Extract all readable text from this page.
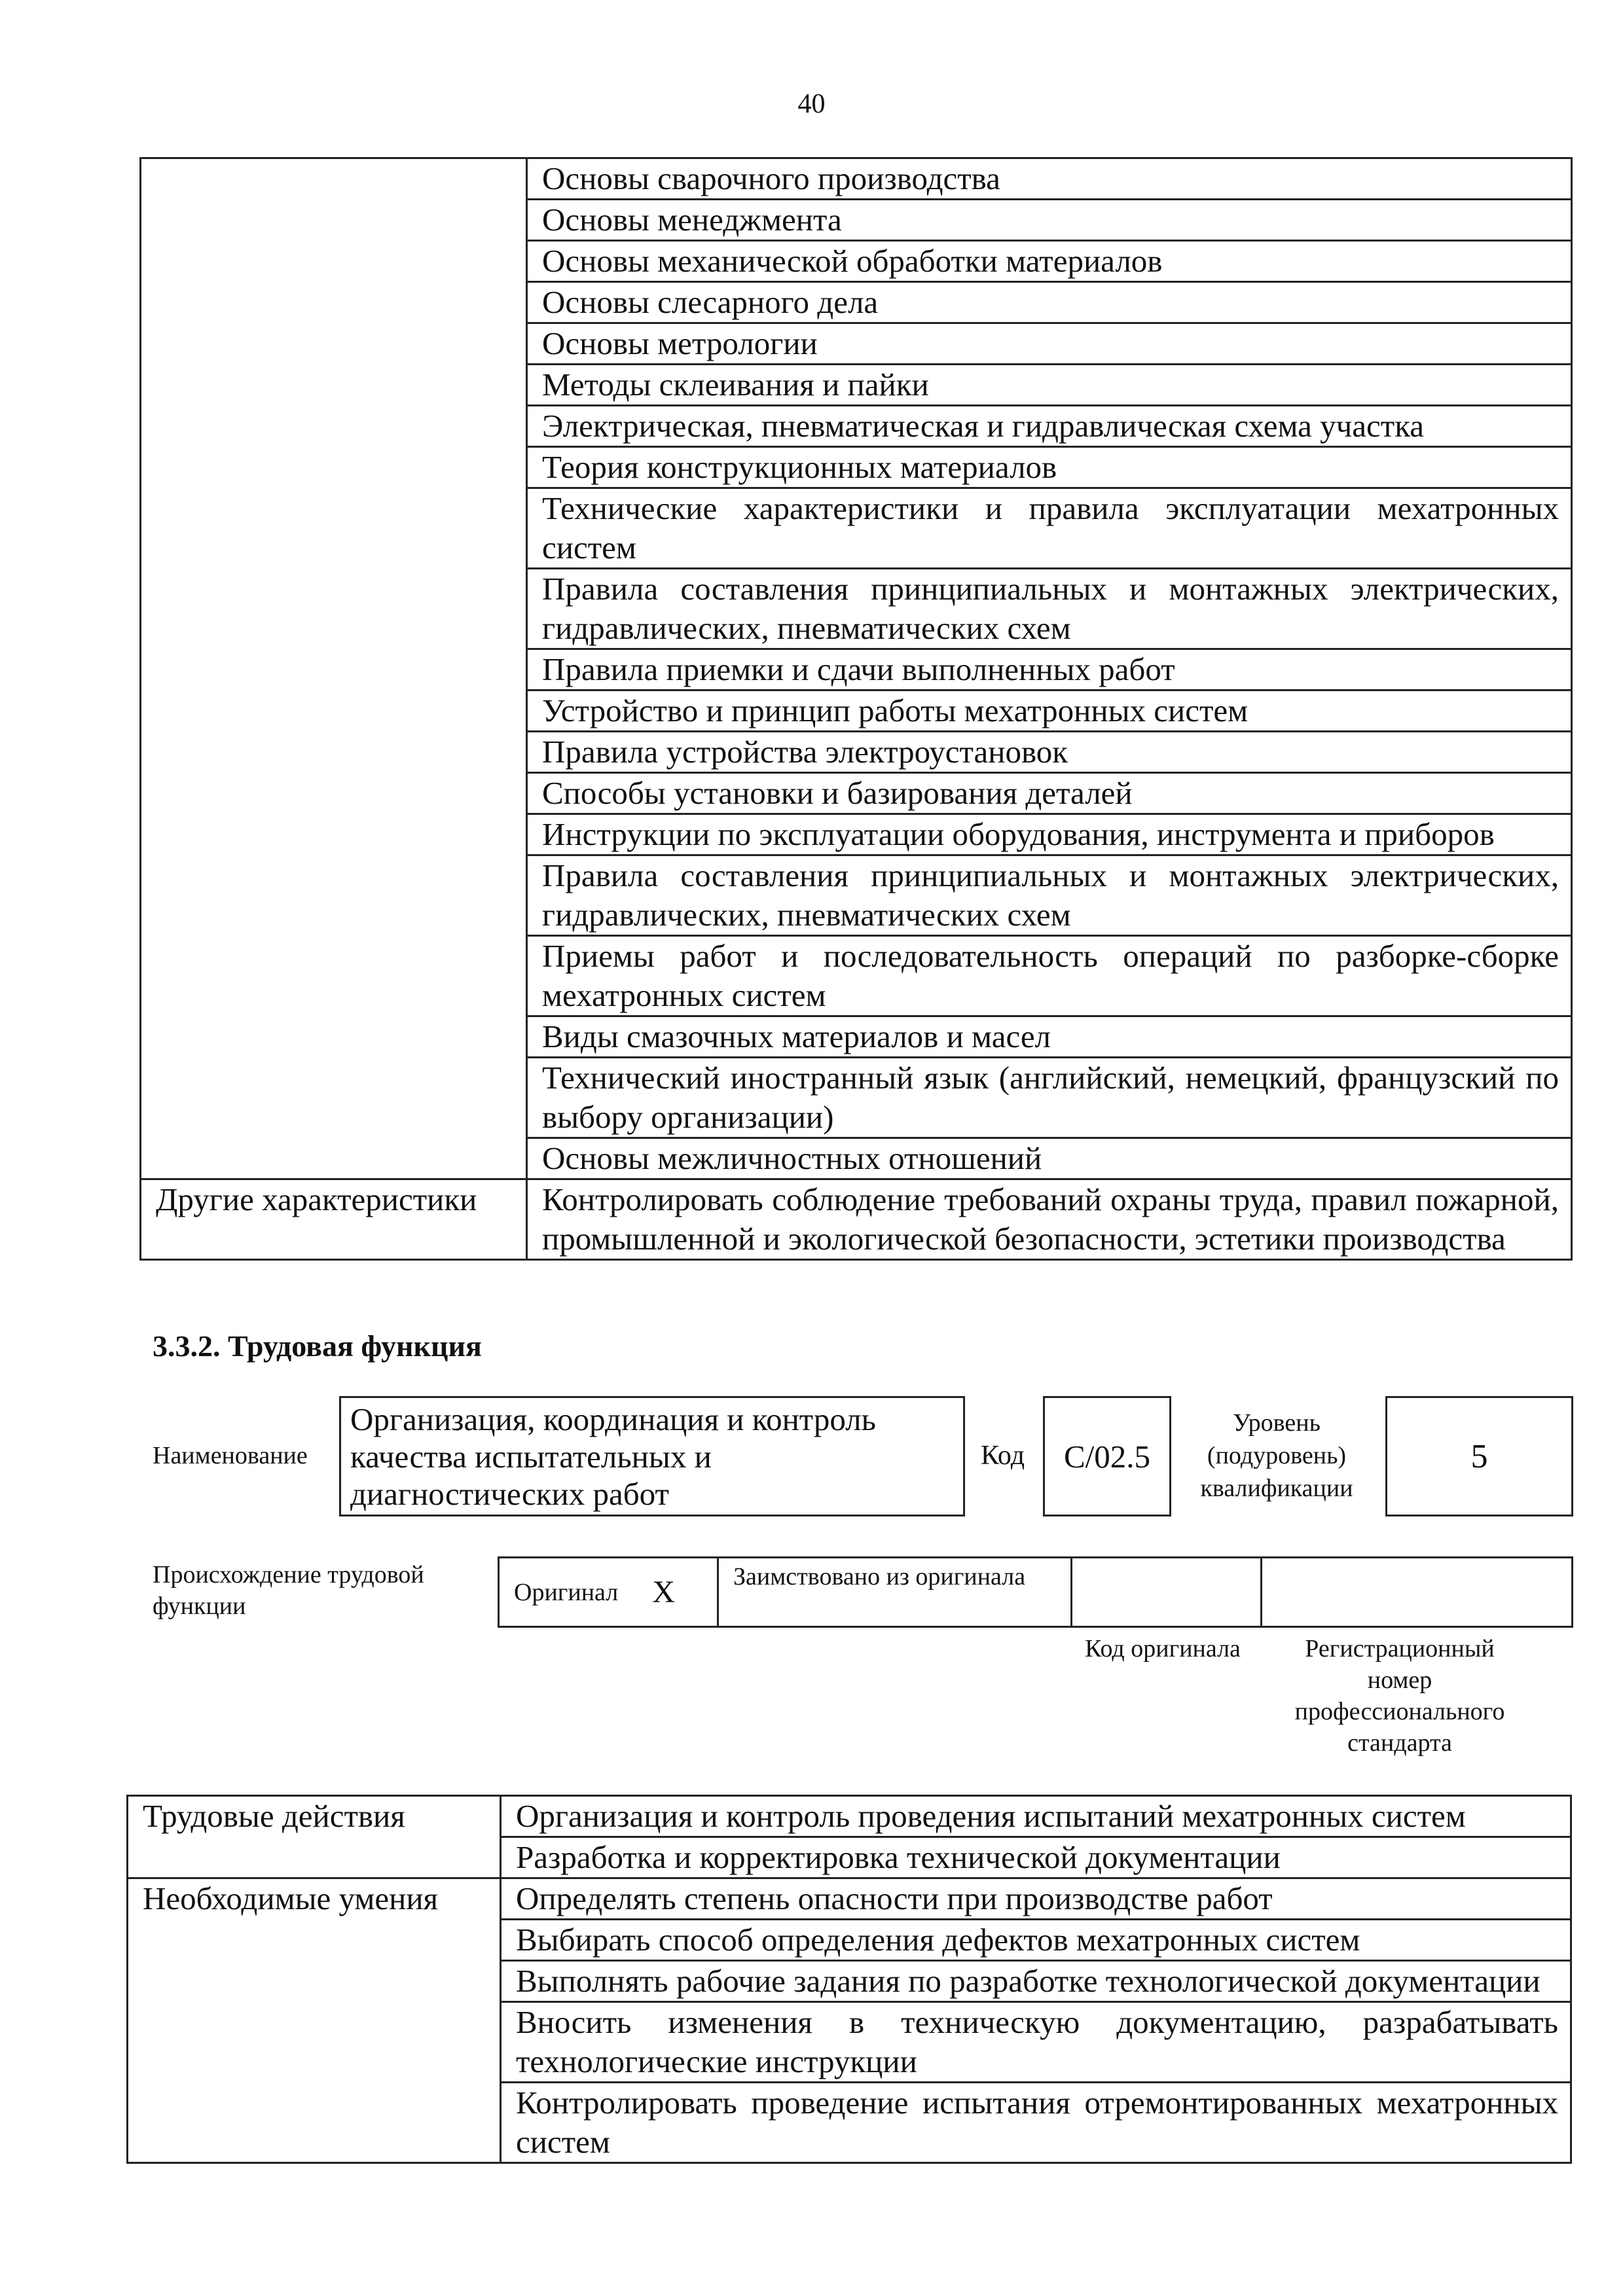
40
	Основы сварочного производства
	Основы менеджмента
	Основы механической обработки материалов
	Основы слесарного дела
	Основы метрологии
	Методы склеивания и пайки
	Электрическая, пневматическая и гидравлическая схема участка
	Теория конструкционных материалов
	Технические характеристики и правила эксплуатации мехатронных систем
	Правила составления принципиальных и монтажных электрических, гидравлических, пневматических схем
	Правила приемки и сдачи выполненных работ
	Устройство и принцип работы мехатронных систем
	Правила устройства электроустановок
	Способы установки и базирования деталей
	Инструкции по эксплуатации оборудования, инструмента и приборов
	Правила составления принципиальных и монтажных электрических, гидравлических, пневматических схем
	Приемы работ и последовательность операций по разборке-сборке мехатронных систем
	Виды смазочных материалов и масел
	Технический иностранный язык (английский, немецкий, французский по выбору организации)
	Основы межличностных отношений
Другие характеристики	Контролировать соблюдение требований охраны труда, правил пожарной, промышленной и экологической безопасности, эстетики производства
3.3.2. Трудовая функция
Наименование
Организация, координация и контроль качества испытательных и диагностических работ
Код	С/02.5
Уровень
(подуровень)
квалификации
5
Происхождение трудовой функции
Оригинал Х	Заимствовано из оригинала
Код оригинала	Регистрационный номер профессионального стандарта
Трудовые действия	Организация и контроль проведения испытаний мехатронных систем
	Разработка и корректировка технической документации
Необходимые умения	Определять степень опасности при производстве работ
	Выбирать способ определения дефектов мехатронных систем
	Выполнять рабочие задания по разработке технологической документации
	Вносить изменения в техническую документацию, разрабатывать технологические инструкции
	Контролировать проведение испытания отремонтированных мехатронных систем
